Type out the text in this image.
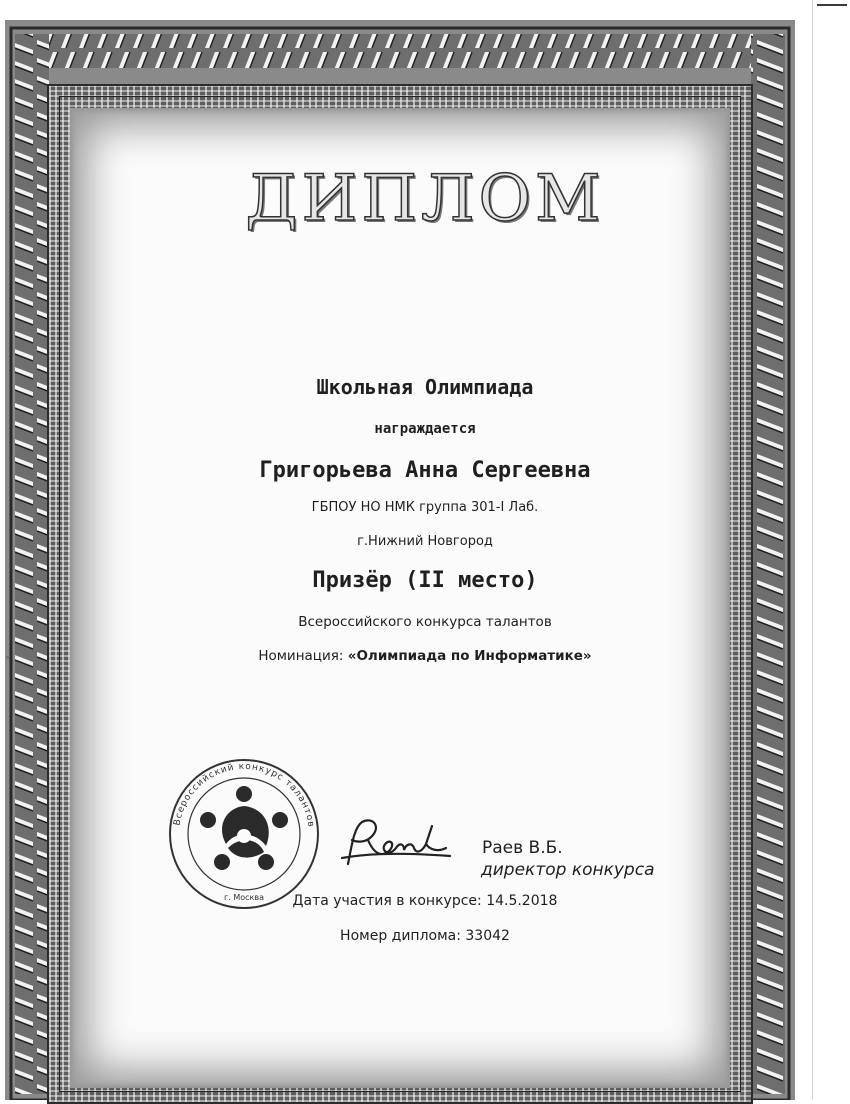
ДИПЛОМ
Школьная Олимпиада
награждается
Григорьева Анна Сергеевна
ГБПОУ НО НМК группа 301-I Лаб.
г.Нижний Новгород
Призёр (II место)
Всероссийского конкурса талантов
Номинация: «Олимпиада по Информатике»
Всероссийский конкурс талантов
г. Москва
Раев В.Б.
директор конкурса
Дата участия в конкурсе: 14.5.2018
Номер диплома: 33042
